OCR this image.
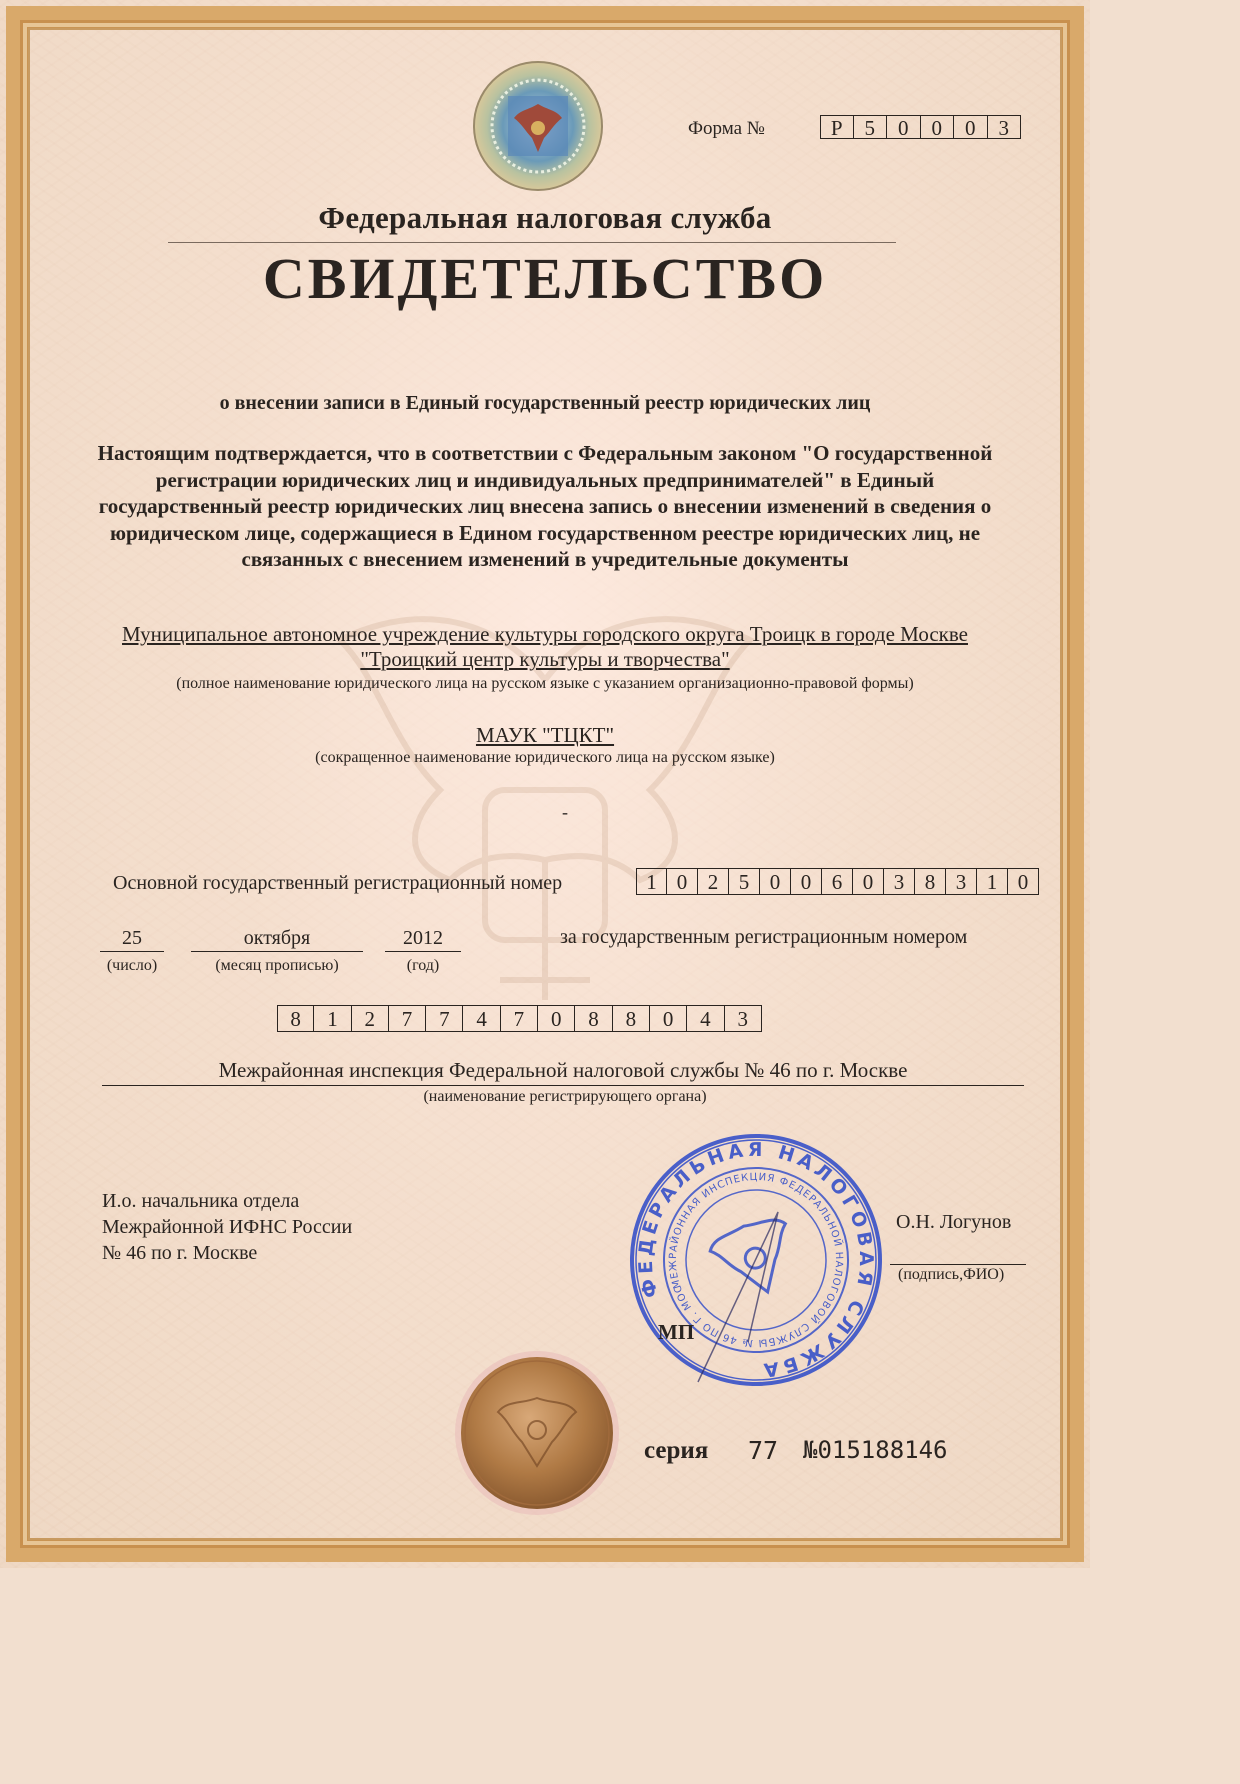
Форма №	Р	5	0	0	0	3
Федеральная налоговая служба
СВИДЕТЕЛЬСТВО
о внесении записи в Единый государственный реестр юридических лиц
Настоящим подтверждается, что в соответствии с Федеральным законом "О государственной регистрации юридических лиц и индивидуальных предпринимателей" в Единый государственный реестр юридических лиц внесена запись о внесении изменений в сведения о юридическом лице, содержащиеся в Едином государственном реестре юридических лиц, не связанных с внесением изменений в учредительные документы
Муниципальное автономное учреждение культуры городского округа Троицк в городе Москве "Троицкий центр культуры и творчества"
(полное наименование юридического лица на русском языке с указанием организационно-правовой формы)
МАУК "ТЦКТ"
(сокращенное наименование юридического лица на русском языке)
-
Основной государственный регистрационный номер	1 0 2 5 0 0 6 0 3 8 3 1 0
25
(число)
октября
(месяц прописью)
2012
(год)
за государственным регистрационным номером
8	1	2	7	7	4	7	0	8	8	0	4	3
Межрайонная инспекция Федеральной налоговой службы № 46 по г. Москве
(наименование регистрирующего органа)
И.о. начальника отдела
Межрайонной ИФНС России
№ 46 по г. Москве
ФЕДЕРАЛЬНАЯ НАЛОГОВАЯ СЛУЖБА
МЕЖРАЙОННАЯ ИНСПЕКЦИЯ ФЕДЕРАЛЬНОЙ НАЛОГОВОЙ СЛУЖБЫ № 46 ПО Г. МОСКВЕ
О.Н. Логунов
(подпись,ФИО)
МП
серия 77 №015188146
